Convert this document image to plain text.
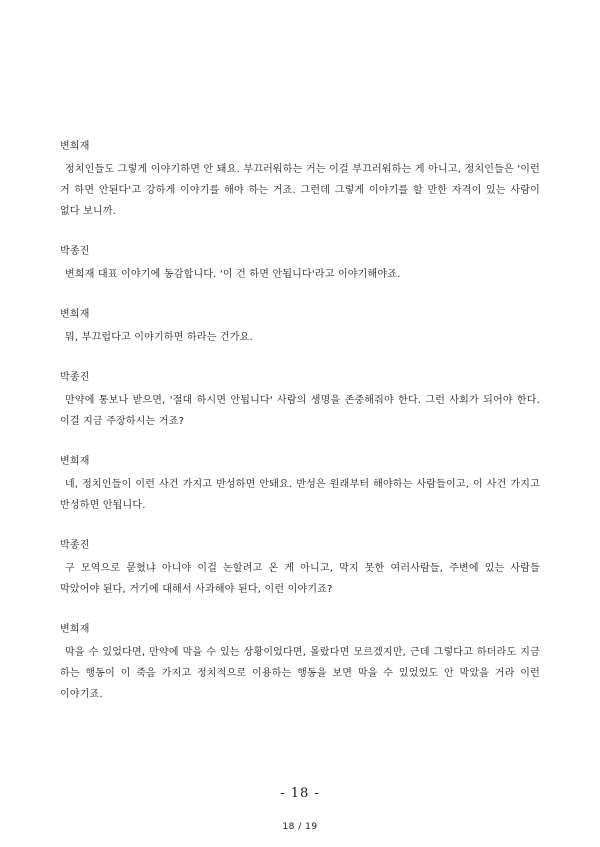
변희재
정치인들도 그렇게 이야기하면 안 돼요. 부끄러워하는 거는 이걸 부끄러워하는 게 아니고, 정치인들은 '이런 거 하면 안된다'고 강하게 이야기를 해야 하는 거죠. 그런데 그렇게 이야기를 할 만한 자격이 있는 사람이 없다 보니까.
박종진
변희재 대표 이야기에 동감합니다. '이 건 하면 안됩니다'라고 이야기해야죠.
변희재
뭐, 부끄럽다고 이야기하면 하라는 건가요.
박종진
만약에 통보나 받으면, '절대 하시면 안됩니다' 사람의 생명을 존중해줘야 한다. 그런 사회가 되어야 한다. 이걸 지금 주장하시는 거죠?
변희재
네, 정치인들이 이런 사건 가지고 반성하면 안돼요. 반성은 원래부터 해야하는 사람들이고, 이 사건 가지고 반성하면 안됩니다.
박종진
구 모역으로 묻혔냐 아니야 이걸 논할려고 온 게 아니고, 막지 못한 여러사람들, 주변에 있는 사람들 막았어야 된다, 거기에 대해서 사과해야 된다, 이런 이야기죠?
변희재
막을 수 있었다면, 만약에 막을 수 있는 상황이었다면, 몰랐다면 모르겠지만, 근데 그렇다고 하더라도 지금 하는 행동이 이 죽음 가지고 정치적으로 이용하는 행동을 보면 막을 수 있었었도 안 막았을 거라 이런 이야기죠.
- 18 -
18 / 19
